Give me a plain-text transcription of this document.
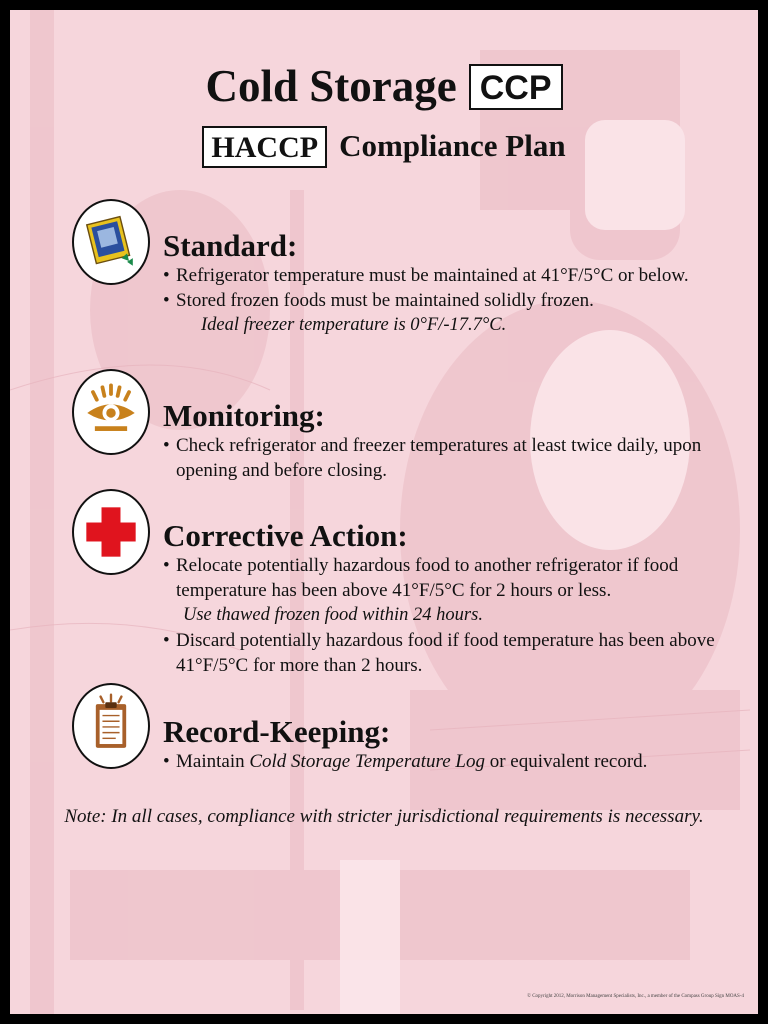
Cold Storage CCP
HACCP Compliance Plan
Standard:

• Refrigerator temperature must be maintained at 41°F/5°C or below.

• Stored frozen foods must be maintained solidly frozen.

Ideal freezer temperature is 0°F/-17.7°C.

Monitoring:

• Check refrigerator and freezer temperatures at least twice daily, upon opening and before closing.

Corrective Action:

• Relocate potentially hazardous food to another refrigerator if food temperature has been above 41°F/5°C for 2 hours or less.

Use thawed frozen food within 24 hours.

• Discard potentially hazardous food if food temperature has been above 41°F/5°C for more than 2 hours.

Record-Keeping:

• Maintain Cold Storage Temperature Log or equivalent record.

Note: In all cases, compliance with stricter jurisdictional requirements is necessary.
© Copyright 2012, Morrison Management Specialists, Inc., a member of the Compass Group Sign MOAS-4
